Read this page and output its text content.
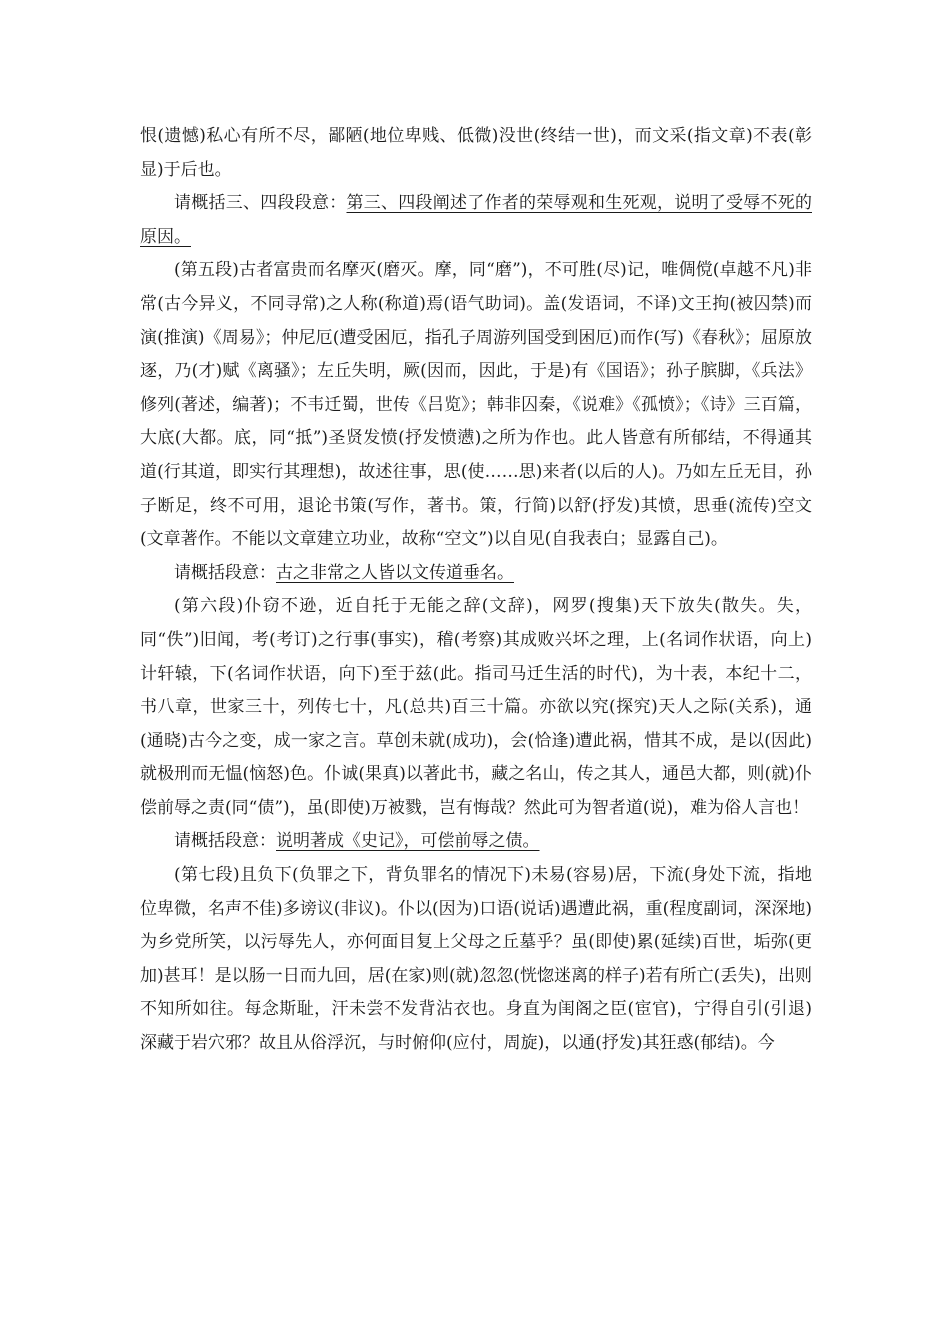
恨(遗憾)私心有所不尽，鄙陋(地位卑贱、低微)没世(终结一世)，而文采(指文章)不表(彰显)于后也。

请概括三、四段段意：第三、四段阐述了作者的荣辱观和生死观，说明了受辱不死的原因。

(第五段)古者富贵而名摩灭(磨灭。摩，同“磨”)，不可胜(尽)记，唯倜傥(卓越不凡)非常(古今异义，不同寻常)之人称(称道)焉(语气助词)。盖(发语词，不译)文王拘(被囚禁)而演(推演)《周易》；仲尼厄(遭受困厄，指孔子周游列国受到困厄)而作(写)《春秋》；屈原放逐，乃(才)赋《离骚》；左丘失明，厥(因而，因此，于是)有《国语》；孙子膑脚，《兵法》修列(著述，编著)；不韦迁蜀，世传《吕览》；韩非囚秦，《说难》《孤愤》；《诗》三百篇，大底(大都。底，同“抵”)圣贤发愤(抒发愤懑)之所为作也。此人皆意有所郁结，不得通其道(行其道，即实行其理想)，故述往事，思(使……思)来者(以后的人)。乃如左丘无目，孙子断足，终不可用，退论书策(写作，著书。策，行简)以舒(抒发)其愤，思垂(流传)空文(文章著作。不能以文章建立功业，故称“空文”)以自见(自我表白；显露自己)。

请概括段意：古之非常之人皆以文传道垂名。

(第六段)仆窃不逊，近自托于无能之辞(文辞)，网罗(搜集)天下放失(散失。失，同“佚”)旧闻，考(考订)之行事(事实)，稽(考察)其成败兴坏之理，上(名词作状语，向上)计轩辕，下(名词作状语，向下)至于兹(此。指司马迁生活的时代)，为十表，本纪十二，书八章，世家三十，列传七十，凡(总共)百三十篇。亦欲以究(探究)天人之际(关系)，通(通晓)古今之变，成一家之言。草创未就(成功)，会(恰逢)遭此祸，惜其不成，是以(因此)就极刑而无愠(恼怒)色。仆诚(果真)以著此书，藏之名山，传之其人，通邑大都，则(就)仆偿前辱之责(同“债”)，虽(即使)万被戮，岂有悔哉？然此可为智者道(说)，难为俗人言也！

请概括段意：说明著成《史记》，可偿前辱之债。

(第七段)且负下(负罪之下，背负罪名的情况下)未易(容易)居，下流(身处下流，指地位卑微，名声不佳)多谤议(非议)。仆以(因为)口语(说话)遇遭此祸，重(程度副词，深深地)为乡党所笑，以污辱先人，亦何面目复上父母之丘墓乎？虽(即使)累(延续)百世，垢弥(更加)甚耳！是以肠一日而九回，居(在家)则(就)忽忽(恍惚迷离的样子)若有所亡(丢失)，出则不知所如往。每念斯耻，汗未尝不发背沾衣也。身直为闺阁之臣(宦官)，宁得自引(引退)深藏于岩穴邪？故且从俗浮沉，与时俯仰(应付，周旋)，以通(抒发)其狂惑(郁结)。今
